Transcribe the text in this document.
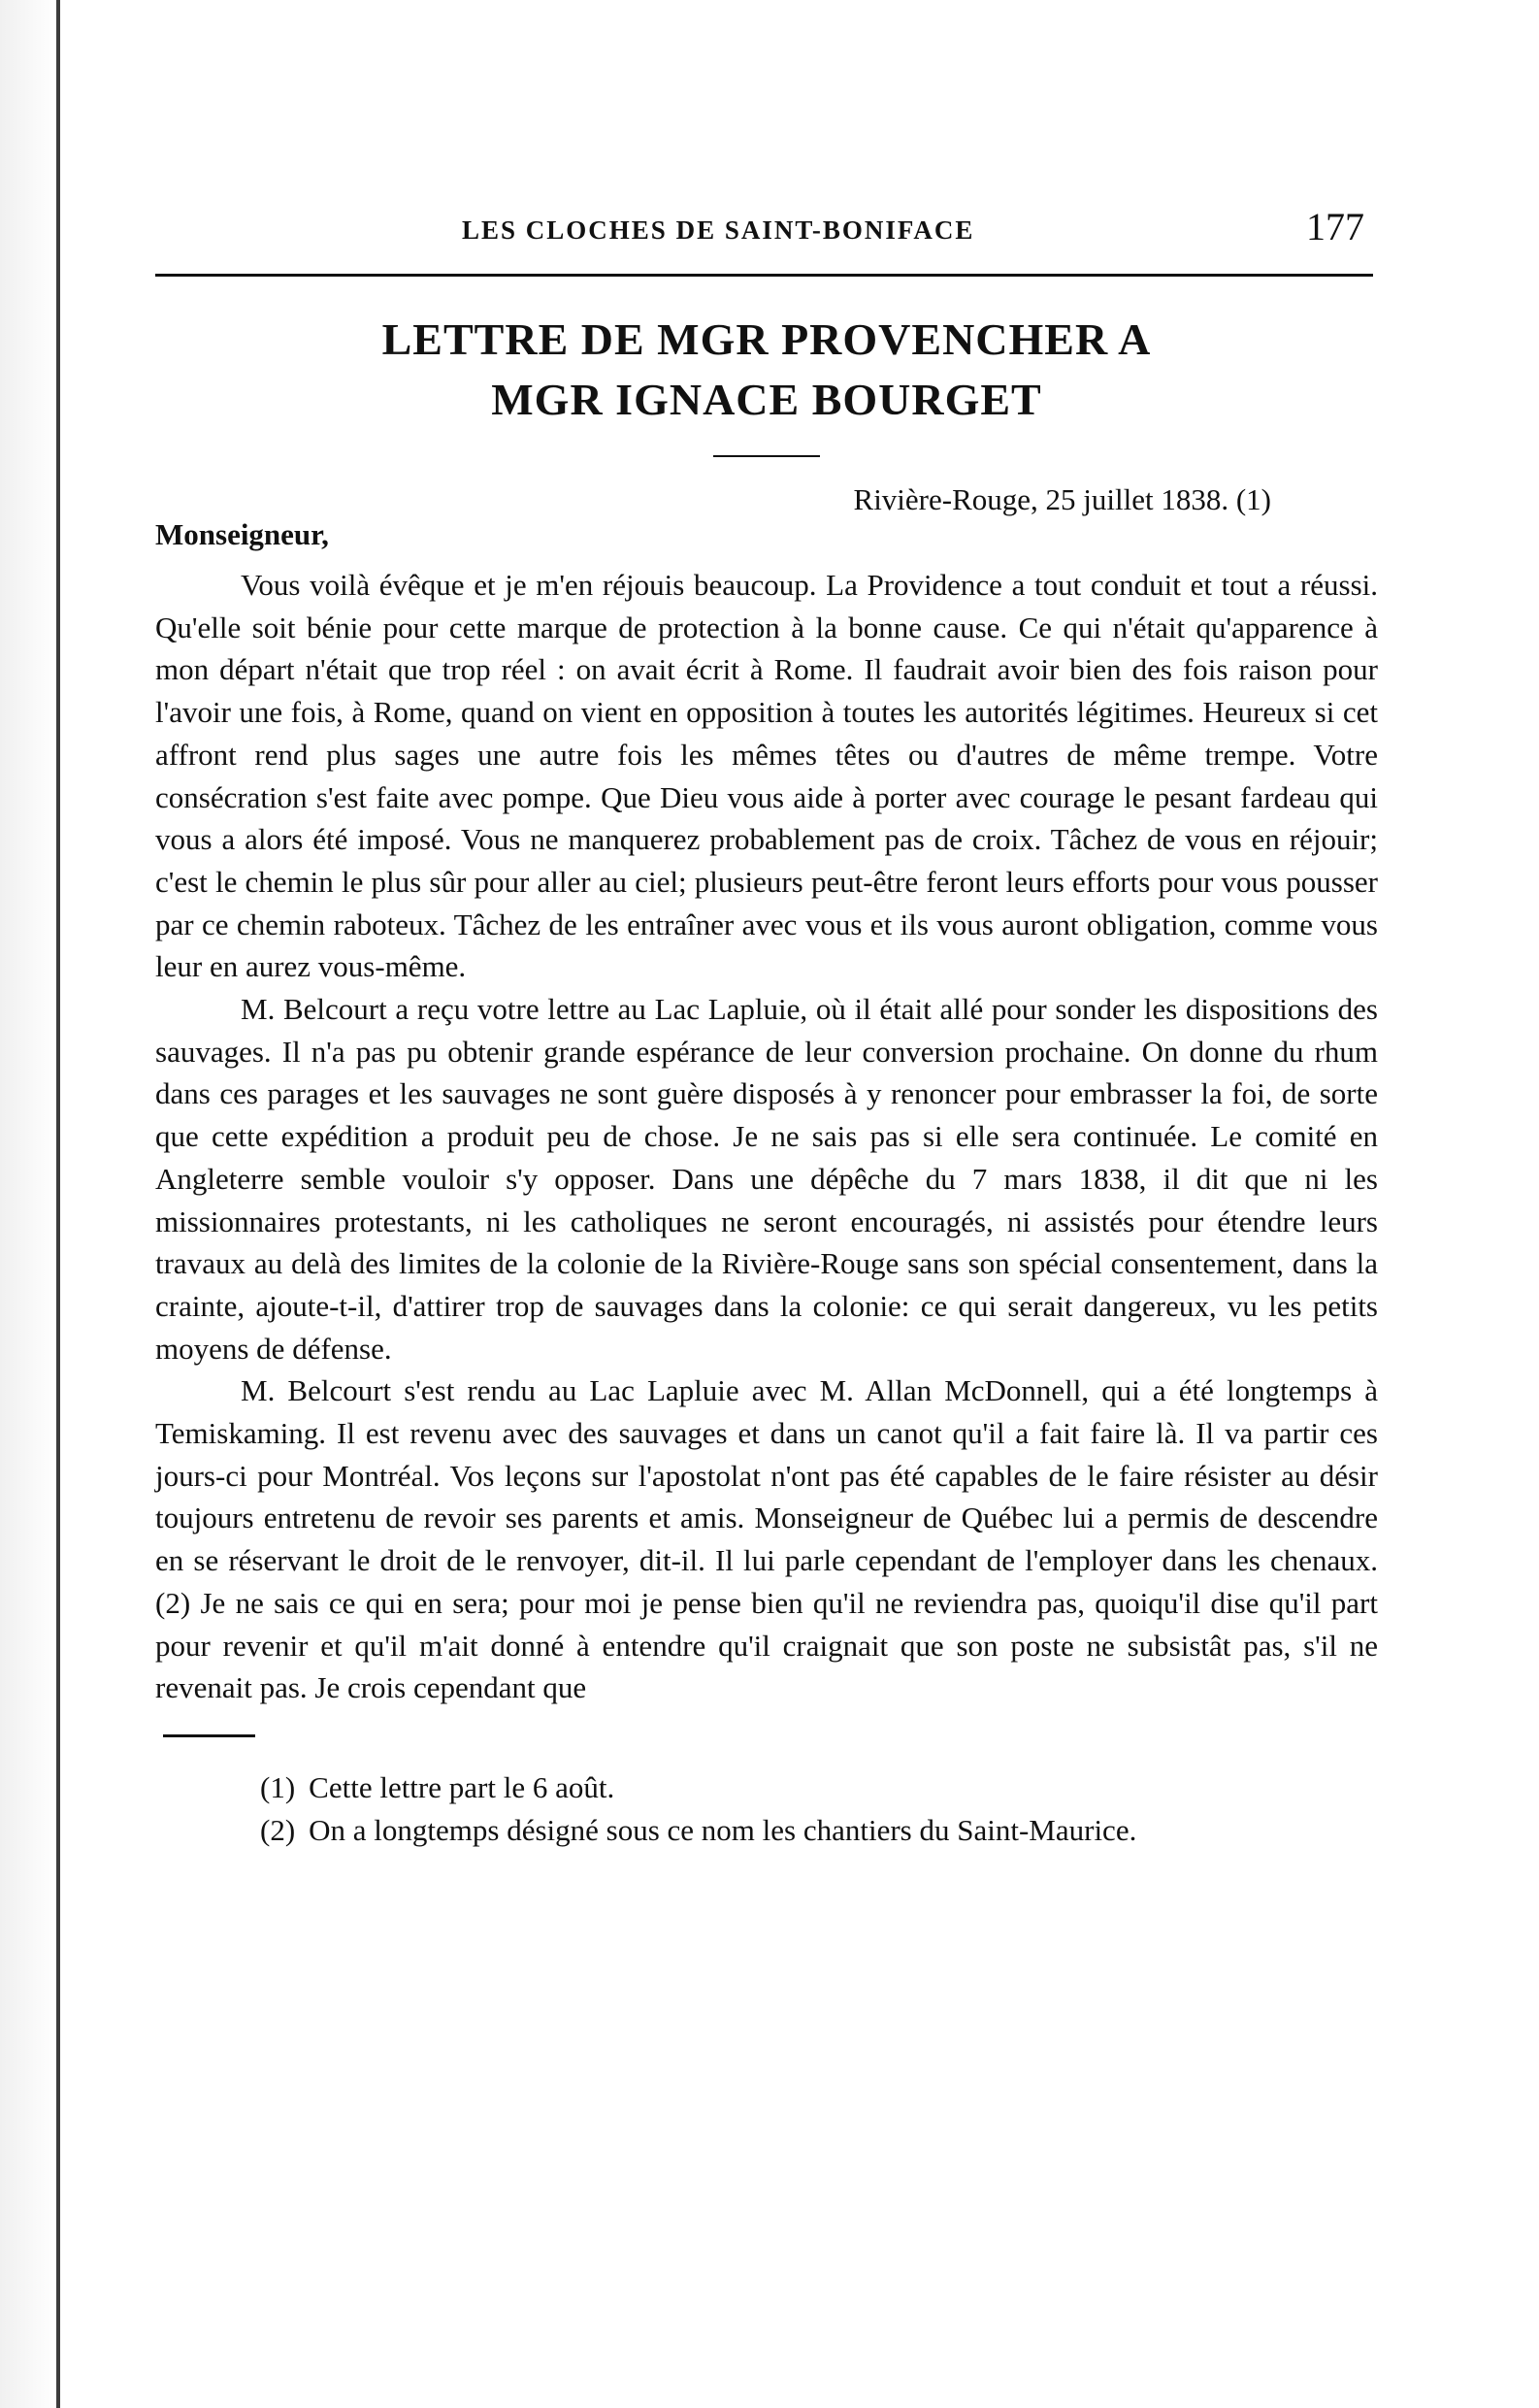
LES CLOCHES DE SAINT-BONIFACE	177
LETTRE DE MGR PROVENCHER A
MGR IGNACE BOURGET
Rivière-Rouge, 25 juillet 1838. (1)
Monseigneur,

Vous voilà évêque et je m'en réjouis beaucoup. La Providence a tout conduit et tout a réussi. Qu'elle soit bénie pour cette marque de protection à la bonne cause. Ce qui n'était qu'apparence à mon départ n'était que trop réel : on avait écrit à Rome. Il faudrait avoir bien des fois raison pour l'avoir une fois, à Rome, quand on vient en opposition à toutes les autorités légitimes. Heureux si cet affront rend plus sages une autre fois les mêmes têtes ou d'autres de même trempe. Votre consécration s'est faite avec pompe. Que Dieu vous aide à porter avec courage le pesant fardeau qui vous a alors été imposé. Vous ne manquerez probablement pas de croix. Tâchez de vous en réjouir; c'est le chemin le plus sûr pour aller au ciel; plusieurs peut-être feront leurs efforts pour vous pousser par ce chemin raboteux. Tâchez de les entraîner avec vous et ils vous auront obligation, comme vous leur en aurez vous-même.

M. Belcourt a reçu votre lettre au Lac Lapluie, où il était allé pour sonder les dispositions des sauvages. Il n'a pas pu obtenir grande espérance de leur conversion prochaine. On donne du rhum dans ces parages et les sauvages ne sont guère disposés à y renoncer pour embrasser la foi, de sorte que cette expédition a produit peu de chose. Je ne sais pas si elle sera continuée. Le comité en Angleterre semble vouloir s'y opposer. Dans une dépêche du 7 mars 1838, il dit que ni les missionnaires protestants, ni les catholiques ne seront encouragés, ni assistés pour étendre leurs travaux au delà des limites de la colonie de la Rivière-Rouge sans son spécial consentement, dans la crainte, ajoute-t-il, d'attirer trop de sauvages dans la colonie: ce qui serait dangereux, vu les petits moyens de défense.

M. Belcourt s'est rendu au Lac Lapluie avec M. Allan McDonnell, qui a été longtemps à Temiskaming. Il est revenu avec des sauvages et dans un canot qu'il a fait faire là. Il va partir ces jours-ci pour Montréal. Vos leçons sur l'apostolat n'ont pas été capables de le faire résister au désir toujours entretenu de revoir ses parents et amis. Monseigneur de Québec lui a permis de descendre en se réservant le droit de le renvoyer, dit-il. Il lui parle cependant de l'employer dans les chenaux. (2) Je ne sais ce qui en sera; pour moi je pense bien qu'il ne reviendra pas, quoiqu'il dise qu'il part pour revenir et qu'il m'ait donné à entendre qu'il craignait que son poste ne subsistât pas, s'il ne revenait pas. Je crois cependant que

(1) Cette lettre part le 6 août.
(2) On a longtemps désigné sous ce nom les chantiers du Saint-Maurice.
